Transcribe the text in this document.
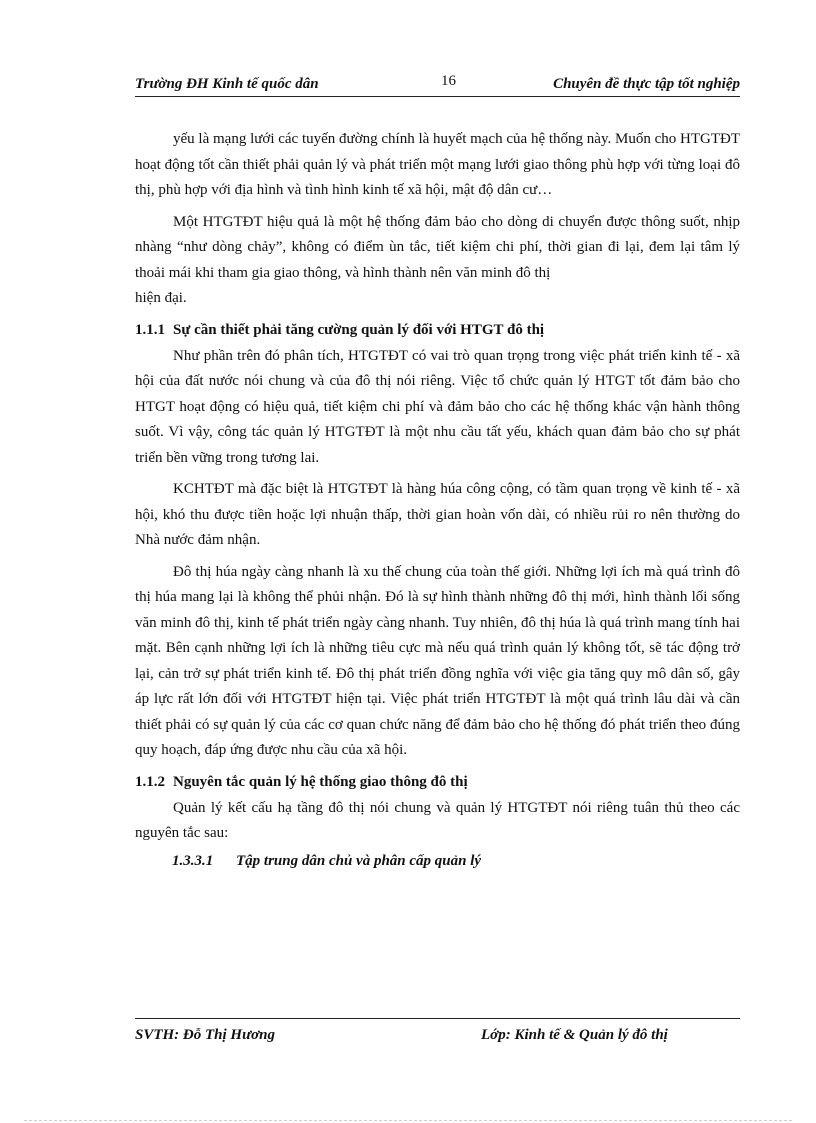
Trường ĐH Kinh tế quốc dân	16	Chuyên đề thực tập tốt nghiệp

yếu là mạng lưới các tuyến đường chính là huyết mạch của hệ thống này. Muốn cho HTGTĐT hoạt động tốt cần thiết phải quản lý và phát triển một mạng lưới giao thông phù hợp với từng loại đô thị, phù hợp với địa hình và tình hình kinh tế xã hội, mật độ dân cư…

Một HTGTĐT hiệu quả là một hệ thống đảm bảo cho dòng di chuyển được thông suốt, nhịp nhàng “như dòng chảy”, không có điểm ùn tắc, tiết kiệm chi phí, thời gian đi lại, đem lại tâm lý thoải mái khi tham gia giao thông, và hình thành nên văn minh đô thị

hiện đại.

1.1.1 Sự cần thiết phải tăng cường quản lý đối với HTGT đô thị

Như phần trên đó phân tích, HTGTĐT có vai trò quan trọng trong việc phát triển kinh tế - xã hội của đất nước nói chung và của đô thị nói riêng. Việc tổ chức quản lý HTGT tốt đảm bảo cho HTGT hoạt động có hiệu quả, tiết kiệm chi phí và đảm bảo cho các hệ thống khác vận hành thông suốt. Vì vậy, công tác quản lý HTGTĐT là một nhu cầu tất yếu, khách quan đảm bảo cho sự phát triển bền vững trong tương lai.

KCHTĐT mà đặc biệt là HTGTĐT là hàng húa công cộng, có tầm quan trọng về kinh tế - xã hội, khó thu được tiền hoặc lợi nhuận thấp, thời gian hoàn vốn dài, có nhiều rủi ro nên thường do Nhà nước đảm nhận.

Đô thị húa ngày càng nhanh là xu thế chung của toàn thế giới. Những lợi ích mà quá trình đô thị húa mang lại là không thể phủi nhận. Đó là sự hình thành những đô thị mới, hình thành lối sống văn minh đô thị, kinh tế phát triển ngày càng nhanh. Tuy nhiên, đô thị húa là quá trình mang tính hai mặt. Bên cạnh những lợi ích là những tiêu cực mà nếu quá trình quản lý không tốt, sẽ tác động trở lại, cản trở sự phát triển kinh tế. Đô thị phát triển đồng nghĩa với việc gia tăng quy mô dân số, gây áp lực rất lớn đối với HTGTĐT hiện tại. Việc phát triển HTGTĐT là một quá trình lâu dài và cần thiết phải có sự quản lý của các cơ quan chức năng để đảm bảo cho hệ thống đó phát triển theo đúng quy hoạch, đáp ứng được nhu cầu của xã hội.

1.1.2 Nguyên tắc quản lý hệ thống giao thông đô thị

Quản lý kết cấu hạ tầng đô thị nói chung và quản lý HTGTĐT nói riêng tuân thủ theo các nguyên tắc sau:

1.3.3.1 Tập trung dân chủ và phân cấp quản lý
SVTH: Đỗ Thị Hương	Lớp: Kinh tế & Quản lý đô thị
